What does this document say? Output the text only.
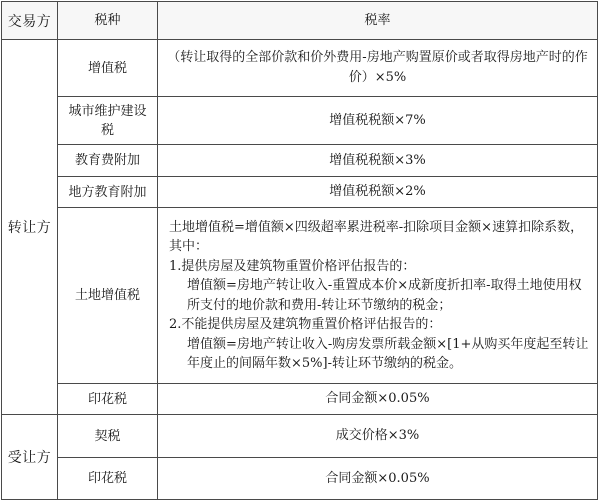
交易方	税种	税率
转让方	增值税	（转让取得的全部价款和价外费用-房地产购置原价或者取得房地产时的作价）×5%
	城市维护建设税	增值税税额×7%
	教育费附加	增值税税额×3%
	地方教育附加	增值税税额×2%
	土地增值税	土地增值税=增值额×四级超率累进税率-扣除项目金额×速算扣除系数，其中：

1.提供房屋及建筑物重置价格评估报告的：

增值额=房地产转让收入-重置成本价×成新度折扣率-取得土地使用权所支付的地价款和费用-转让环节缴纳的税金；

2.不能提供房屋及建筑物重置价格评估报告的：

增值额=房地产转让收入-购房发票所载金额×[1+从购买年度起至转让年度止的间隔年数×5%]-转让环节缴纳的税金。

	印花税	合同金额×0.05%
受让方	契税	成交价格×3%
	印花税	合同金额×0.05%
